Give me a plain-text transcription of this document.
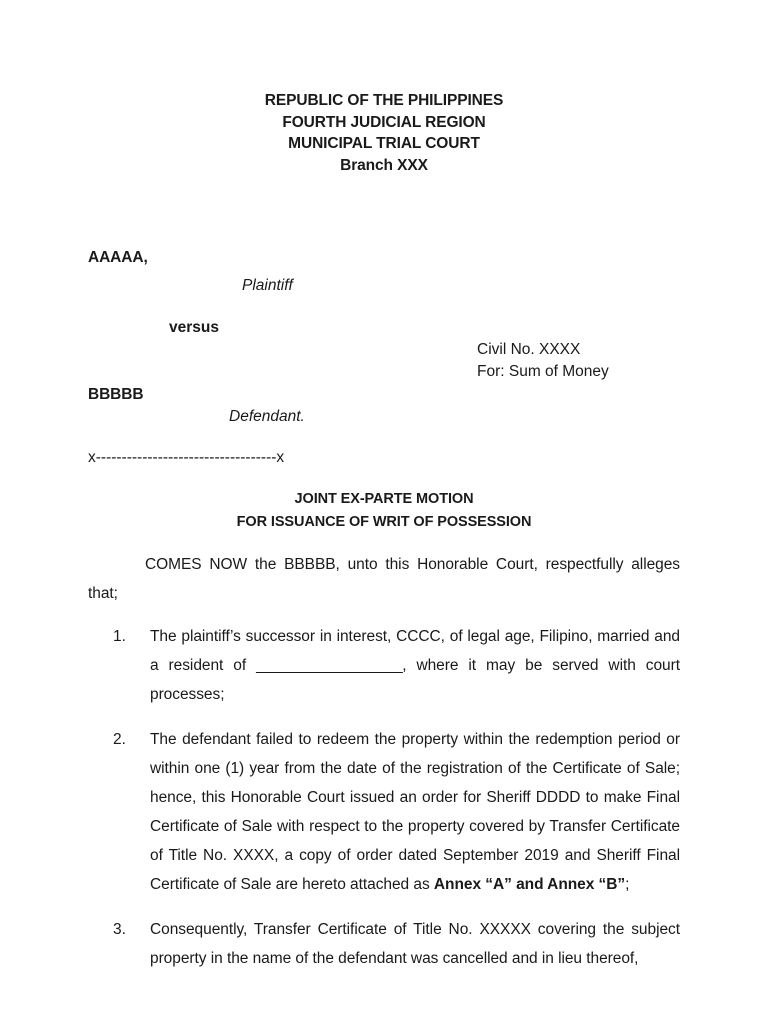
REPUBLIC OF THE PHILIPPINES
FOURTH JUDICIAL REGION
MUNICIPAL TRIAL COURT
Branch XXX
AAAAA,
Plaintiff
versus
Civil No. XXXX
For: Sum of Money
BBBBB
Defendant.
x-----------------------------------x
JOINT EX-PARTE MOTION
FOR ISSUANCE OF WRIT OF POSSESSION

COMES NOW the BBBBB, unto this Honorable Court, respectfully alleges that;

1. The plaintiff’s successor in interest, CCCC, of legal age, Filipino, married and a resident of __________________, where it may be served with court processes;
2. The defendant failed to redeem the property within the redemption period or within one (1) year from the date of the registration of the Certificate of Sale; hence, this Honorable Court issued an order for Sheriff DDDD to make Final Certificate of Sale with respect to the property covered by Transfer Certificate of Title No. XXXX, a copy of order dated September 2019 and Sheriff Final Certificate of Sale are hereto attached as Annex “A” and Annex “B”;
3. Consequently, Transfer Certificate of Title No. XXXXX covering the subject property in the name of the defendant was cancelled and in lieu thereof,
